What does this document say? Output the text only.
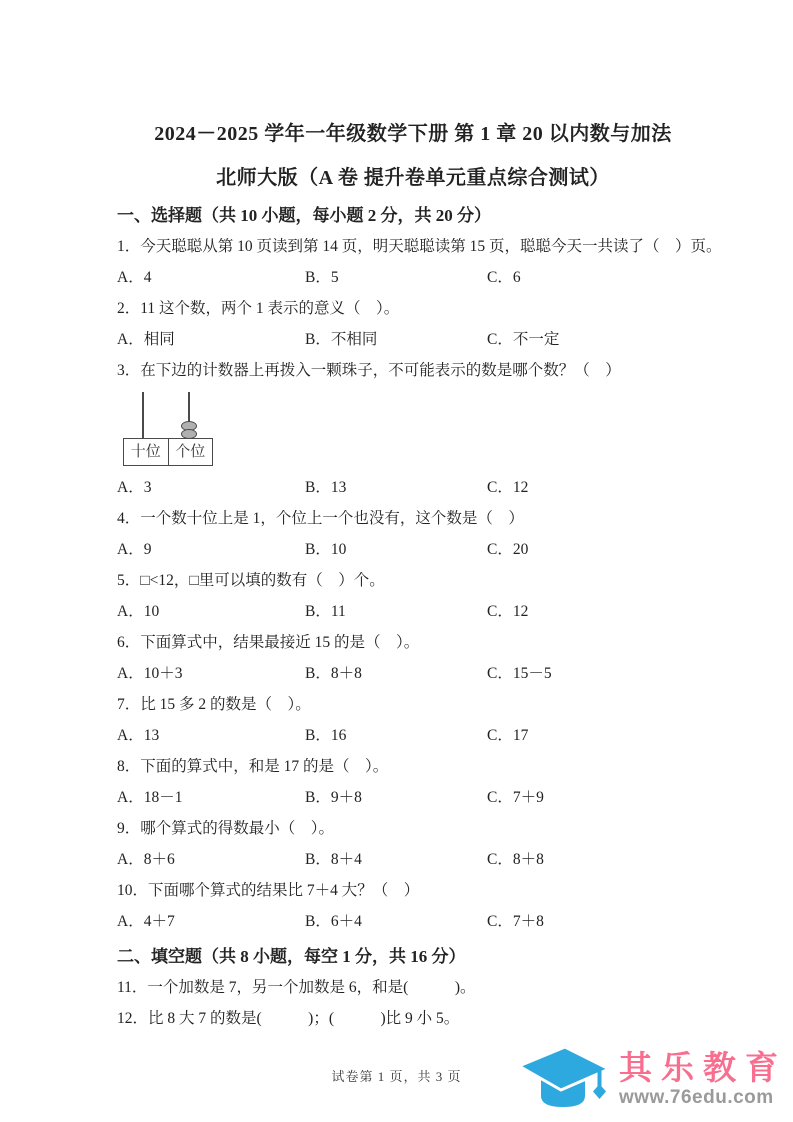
2024－2025 学年一年级数学下册 第 1 章 20 以内数与加法
北师大版（A 卷 提升卷单元重点综合测试）
一、选择题（共 10 小题，每小题 2 分，共 20 分）
1．今天聪聪从第 10 页读到第 14 页，明天聪聪读第 15 页，聪聪今天一共读了（　）页。
A．4	B．5	C．6
2．11 这个数，两个 1 表示的意义（　）。
A．相同	B．不相同	C．不一定
3．在下边的计数器上再拨入一颗珠子，不可能表示的数是哪个数？（　）
十位 个位
A．3	B．13	C．12
4．一个数十位上是 1，个位上一个也没有，这个数是（　）
A．9	B．10	C．20
5．□<12，□里可以填的数有（　）个。
A．10	B．11	C．12
6．下面算式中，结果最接近 15 的是（　）。
A．10＋3	B．8＋8	C．15－5
7．比 15 多 2 的数是（　）。
A．13	B．16	C．17
8．下面的算式中，和是 17 的是（　）。
A．18－1	B．9＋8	C．7＋9
9．哪个算式的得数最小（　）。
A．8＋6	B．8＋4	C．8＋8
10．下面哪个算式的结果比 7＋4 大？（　）
A．4＋7	B．6＋4	C．7＋8
二、填空题（共 8 小题，每空 1 分，共 16 分）
11．一个加数是 7，另一个加数是 6，和是(　　　)。
12．比 8 大 7 的数是(　　　)；(　　　)比 9 小 5。
试卷第 1 页，共 3 页	其乐教育
www.76edu.com
